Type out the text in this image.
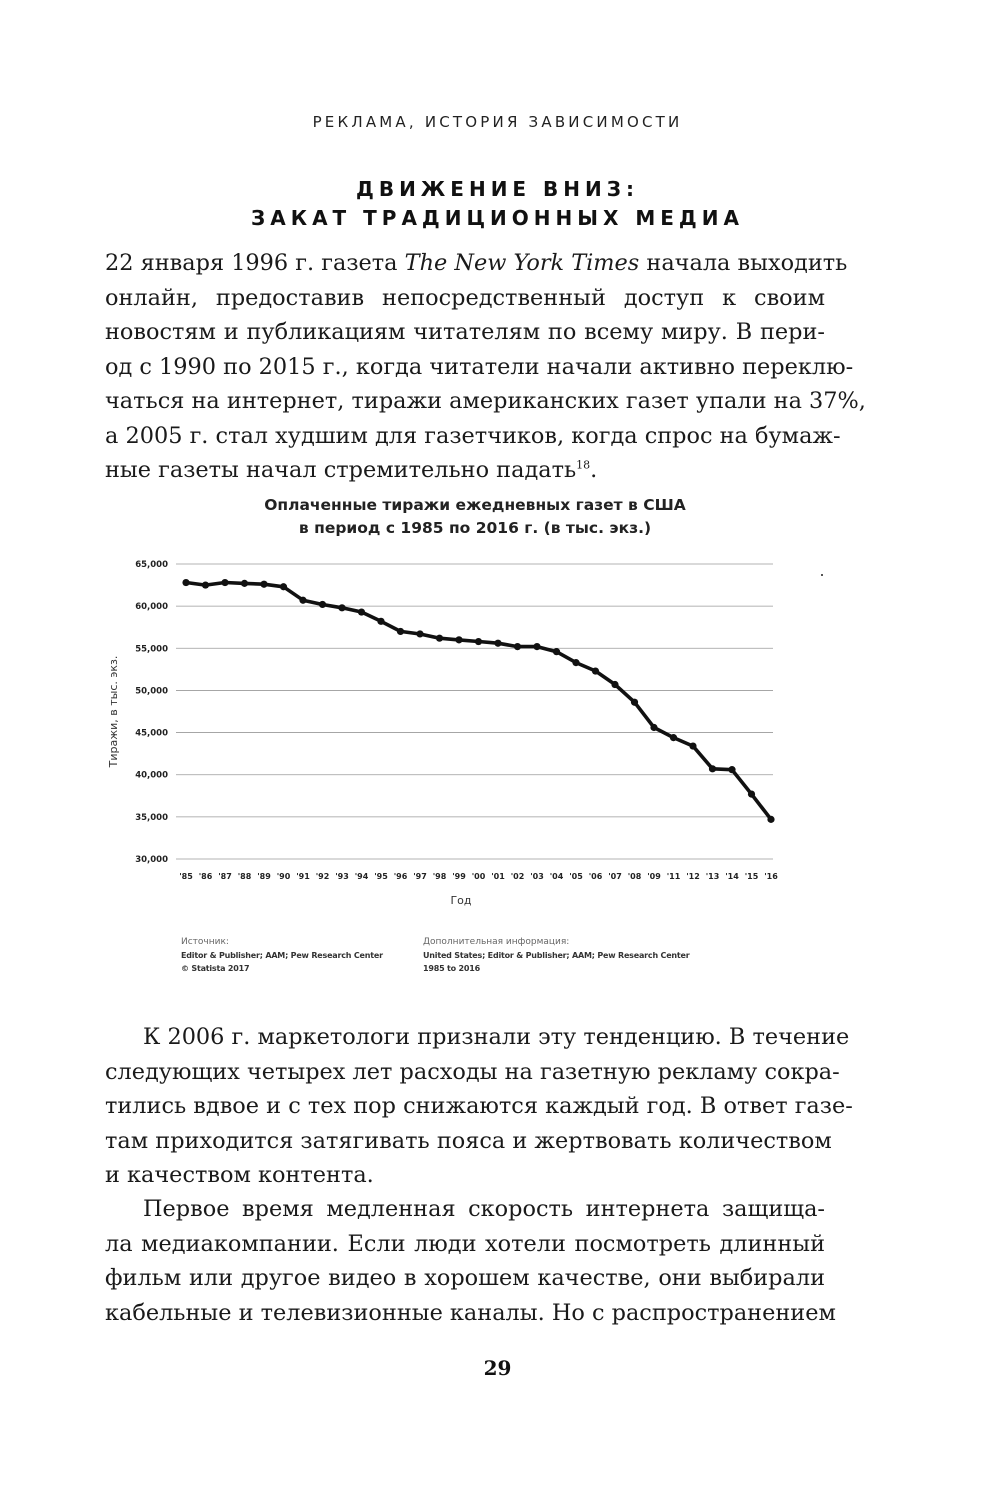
РЕКЛАМА, ИСТОРИЯ ЗАВИСИМОСТИ
ДВИЖЕНИЕ ВНИЗ:
ЗАКАТ ТРАДИЦИОННЫХ МЕДИА
22 января 1996 г. газета The New York Times начала выходить
онлайн, предоставив непосредственный доступ к своим
новостям и публикациям читателям по всему миру. В пери-
од с 1990 по 2015 г., когда читатели начали активно переклю-
чаться на интернет, тиражи американских газет упали на 37%,
а 2005 г. стал худшим для газетчиков, когда спрос на бумаж-
ные газеты начал стремительно падать$^{18}$.
Оплаченные тиражи ежедневных газет в США
в период с 1985 по 2016 г. (в тыс. экз.)
Тиражи, в тыс. экз.
Год
30,000
35,000
40,000
45,000
50,000
55,000
60,000
65,000
'85 '86 '87 '88 '89 '90 '91 '92 '93 '94 '95 '96 '97 '98 '99 '00 '01 '02 '03 '04 '05 '06 '07 '08 '09 '11 '12 '13 '14 '15 '16
Источник:
Editor & Publisher; AAM; Pew Research Center
© Statista 2017
Дополнительная информация:
United States; Editor & Publisher; AAM; Pew Research Center
1985 to 2016
К 2006 г. маркетологи признали эту тенденцию. В течение
следующих четырех лет расходы на газетную рекламу сокра-
тились вдвое и с тех пор снижаются каждый год. В ответ газе-
там приходится затягивать пояса и жертвовать количеством
и качеством контента.
Первое время медленная скорость интернета защища-
ла медиакомпании. Если люди хотели посмотреть длинный
фильм или другое видео в хорошем качестве, они выбирали
кабельные и телевизионные каналы. Но с распространением
29
